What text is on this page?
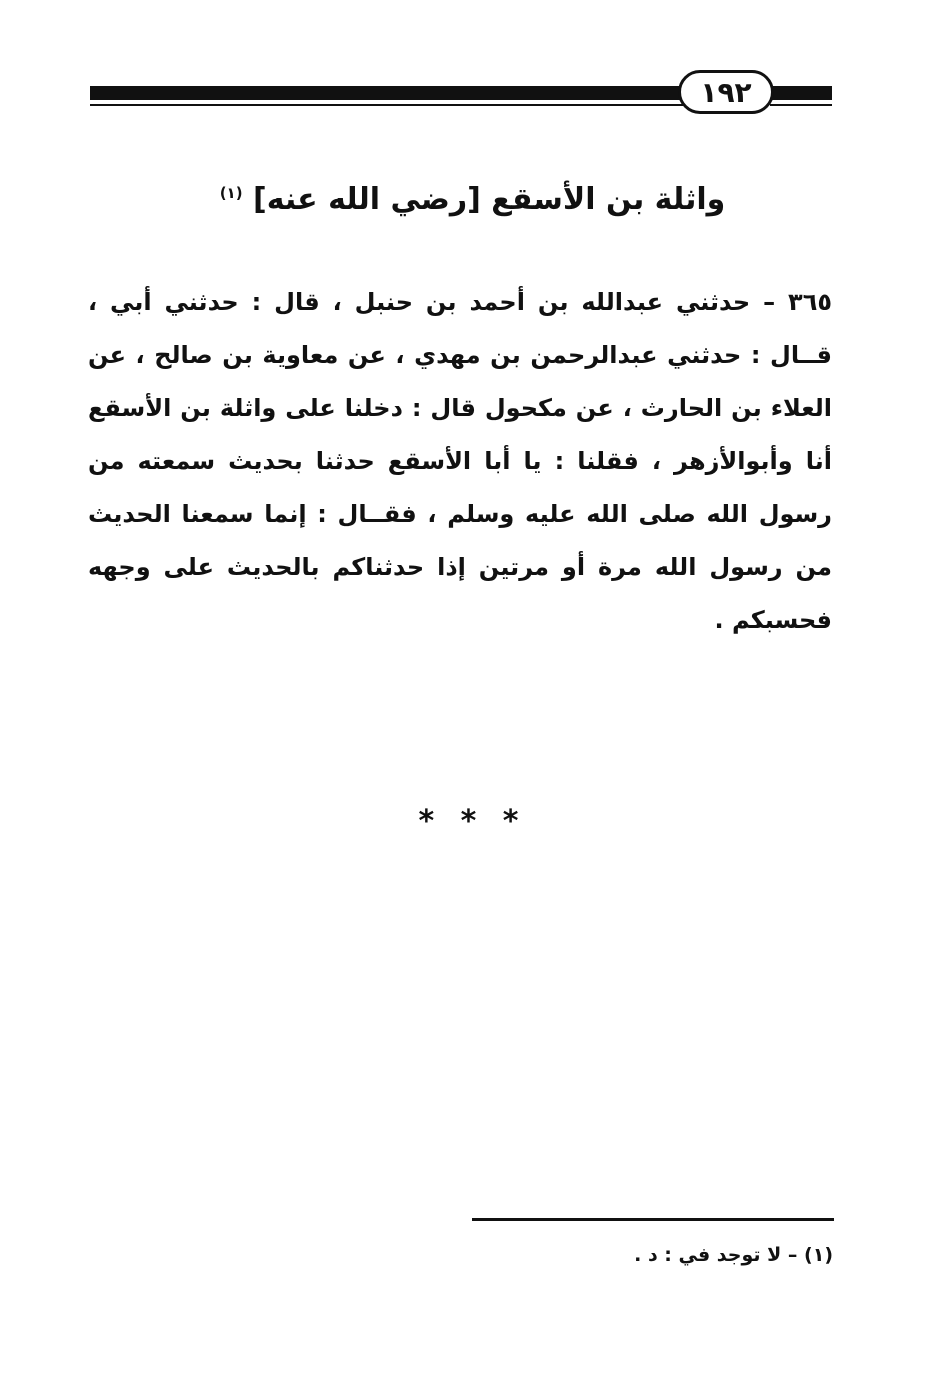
١٩٢
واثلة بن الأسقع [رضي الله عنه] $^{(١)}$

٣٦٥ – حدثني عبدالله بن أحمد بن حنبل ، قال : حدثني أبي ، قــال : حدثني عبدالرحمن بن مهدي ، عن معاوية بن صالح ، عن العلاء بن الحارث ، عن مكحول قال : دخلنا على واثلة بن الأسقع أنا وأبوالأزهر ، فقلنا : يا أبا الأسقع حدثنا بحديث سمعته من رسول الله صلى الله عليه وسلم ، فقــال : إنما سمعنا الحديث من رسول الله مرة أو مرتين إذا حدثناكم بالحديث على وجهه فحسبكم .

* * *
(١) – لا توجد في : د .
